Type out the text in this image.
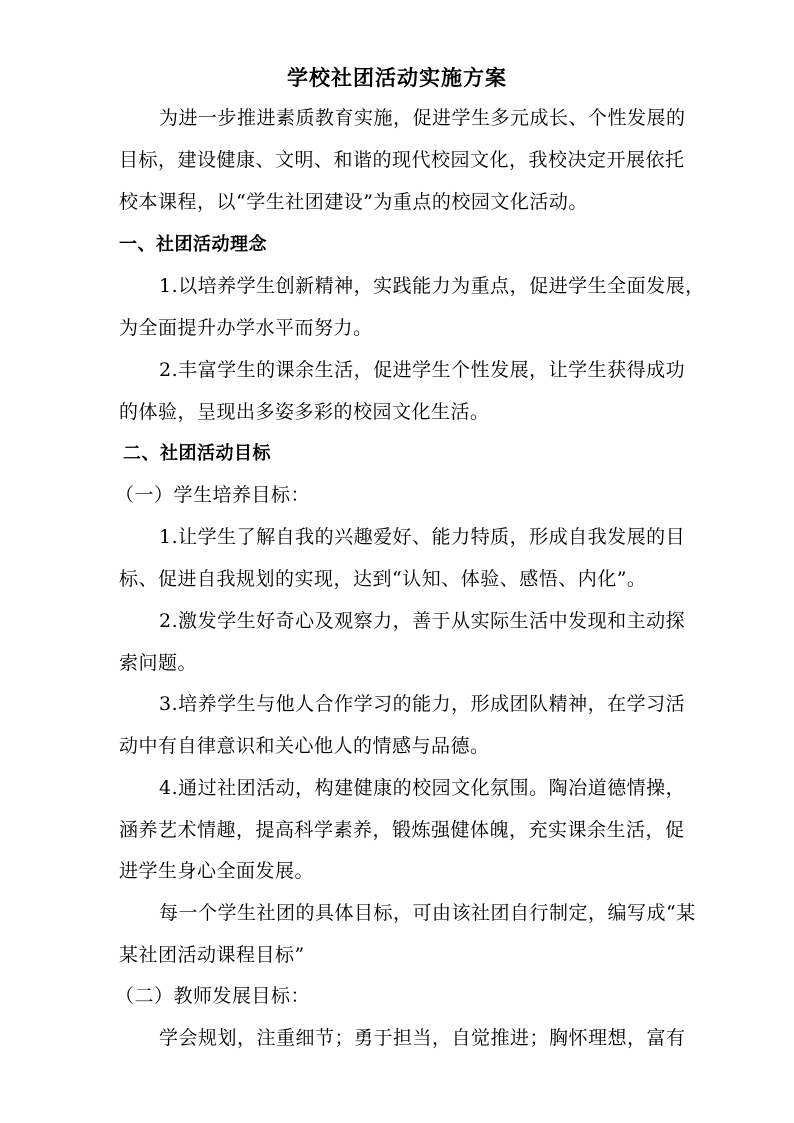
学校社团活动实施方案
为进一步推进素质教育实施，促进学生多元成长、个性发展的
目标，建设健康、文明、和谐的现代校园文化，我校决定开展依托
校本课程，以“学生社团建设”为重点的校园文化活动。
一、社团活动理念
1.以培养学生创新精神，实践能力为重点，促进学生全面发展，
为全面提升办学水平而努力。
2.丰富学生的课余生活，促进学生个性发展，让学生获得成功
的体验，呈现出多姿多彩的校园文化生活。
二、社团活动目标
（一）学生培养目标：
1.让学生了解自我的兴趣爱好、能力特质，形成自我发展的目
标、促进自我规划的实现，达到“认知、体验、感悟、内化”。
2.激发学生好奇心及观察力，善于从实际生活中发现和主动探
索问题。
3.培养学生与他人合作学习的能力，形成团队精神，在学习活
动中有自律意识和关心他人的情感与品德。
4.通过社团活动，构建健康的校园文化氛围。陶冶道德情操，
涵养艺术情趣，提高科学素养，锻炼强健体魄，充实课余生活，促
进学生身心全面发展。
每一个学生社团的具体目标，可由该社团自行制定，编写成“某
某社团活动课程目标”
（二）教师发展目标：
学会规划，注重细节；勇于担当，自觉推进；胸怀理想，富有
